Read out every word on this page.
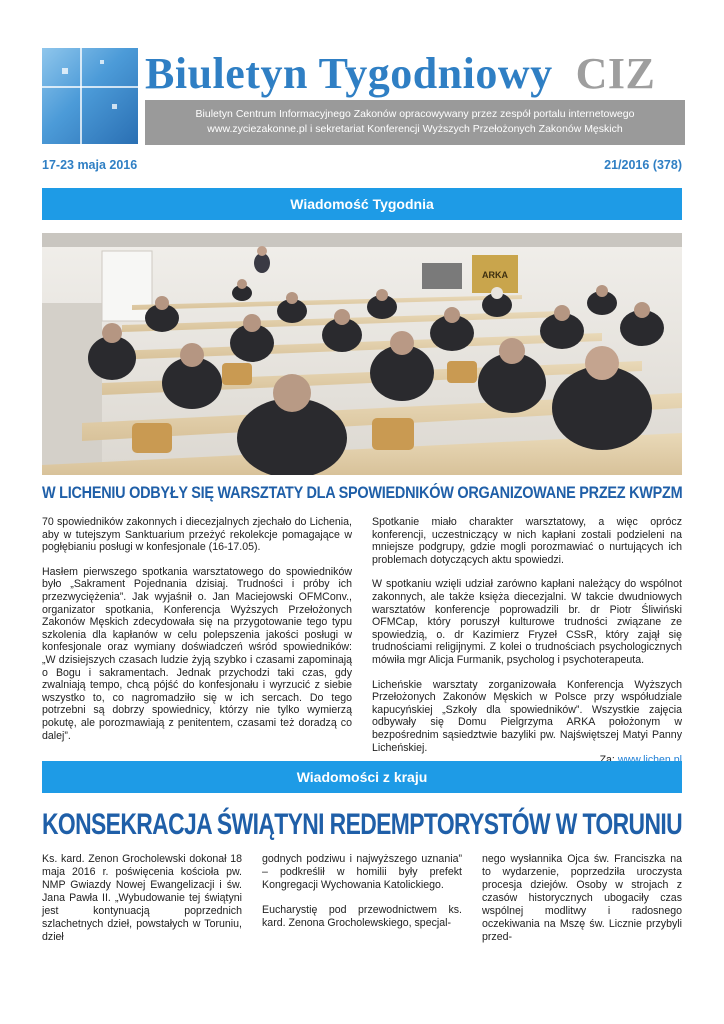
Biuletyn Tygodniowy CIZ
Biuletyn Centrum Informacyjnego Zakonów opracowywany przez zespół portalu internetowego
www.zyciezakonne.pl i sekretariat Konferencji Wyższych Przełożonych Zakonów Męskich
17-23 maja 2016	21/2016 (378)
Wiadomość Tygodnia
ARKA
W LICHENIU ODBYŁY SIĘ WARSZTATY DLA SPOWIEDNIKÓW ORGANIZOWANE PRZEZ KWPZM

70 spowiedników zakonnych i diecezjalnych zjechało do Lichenia, aby w tutejszym Sanktuarium przeżyć rekolekcje pomagające w pogłębianiu posługi w konfesjonale (16-17.05).

Hasłem pierwszego spotkania warsztatowego do spowiedników było „Sakrament Pojednania dzisiaj. Trudności i próby ich przezwyciężenia”. Jak wyjaśnił o. Jan Maciejowski OFMConv., organizator spotkania, Konferencja Wyższych Przełożonych Zakonów Męskich zdecydowała się na przygotowanie tego typu szkolenia dla kapłanów w celu polepszenia jakości posługi w konfesjonale oraz wymiany doświadczeń wśród spowiedników: „W dzisiejszych czasach ludzie żyją szybko i czasami zapominają o Bogu i sakramentach. Jednak przychodzi taki czas, gdy zwalniają tempo, chcą pójść do konfesjonału i wyrzucić z siebie wszystko to, co nagromadziło się w ich sercach. Do tego potrzebni są dobrzy spowiednicy, którzy nie tylko wymierzą pokutę, ale porozmawiają z penitentem, czasami też doradzą co dalej”.

Spotkanie miało charakter warsztatowy, a więc oprócz konferencji, uczestniczący w nich kapłani zostali podzieleni na mniejsze podgrupy, gdzie mogli porozmawiać o nurtujących ich problemach dotyczących aktu spowiedzi.

W spotkaniu wzięli udział zarówno kapłani należący do wspólnot zakonnych, ale także księża diecezjalni. W takcie dwudniowych warsztatów konferencje poprowadzili br. dr Piotr Śliwiński OFMCap, który poruszył kulturowe trudności związane ze spowiedzią, o. dr Kazimierz Fryzeł CSsR, który zajął się trudnościami religijnymi. Z kolei o trudnościach psychologicznych mówiła mgr Alicja Furmanik, psycholog i psychoterapeuta.

Licheńskie warsztaty zorganizowała Konferencja Wyższych Przełożonych Zakonów Męskich w Polsce przy współudziale kapucyńskiej „Szkoły dla spowiedników”. Wszystkie zajęcia odbywały się Domu Pielgrzyma ARKA położonym w bezpośrednim sąsiedztwie bazyliki pw. Najświętszej Matyi Panny Licheńskiej.

Wiadomości z kraju
KONSEKRACJA ŚWIĄTYNI REDEMPTORYSTÓW W TORUNIU

Ks. kard. Zenon Grocholewski dokonał 18 maja 2016 r. poświęcenia kościoła pw. NMP Gwiazdy Nowej Ewangelizacji i św. Jana Pawła II. „Wybudowanie tej świątyni jest kontynuacją poprzednich szlachetnych dzieł, powstałych w Toruniu, dzieł

godnych podziwu i najwyższego uznania” – podkreślił w homilii były prefekt Kongregacji Wychowania Katolickiego.

Eucharystię pod przewodnictwem ks. kard. Zenona Grocholewskiego, specjal-

nego wysłannika Ojca św. Franciszka na to wydarzenie, poprzedziła uroczysta procesja dziejów. Osoby w strojach z czasów historycznych ubogaciły czas wspólnej modlitwy i radosnego oczekiwania na Mszę św. Licznie przybyli przed-
